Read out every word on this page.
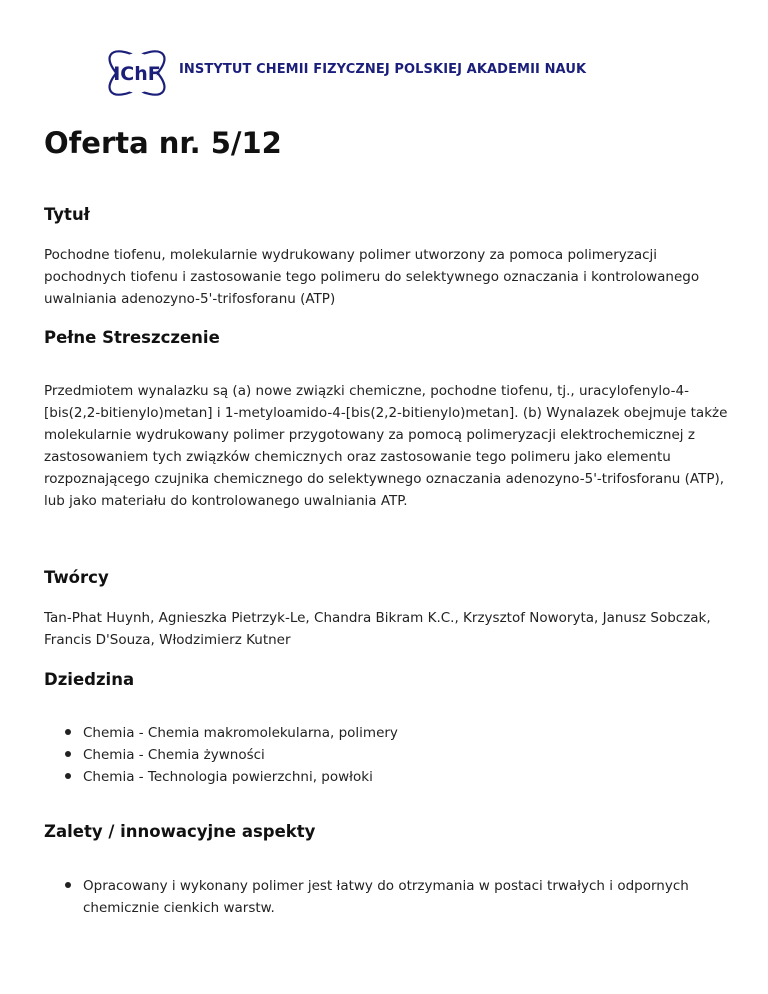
IChF INSTYTUT CHEMII FIZYCZNEJ POLSKIEJ AKADEMII NAUK
Oferta nr. 5/12
Tytuł

Pochodne tiofenu, molekularnie wydrukowany polimer utworzony za pomoca polimeryzacji pochodnych tiofenu i zastosowanie tego polimeru do selektywnego oznaczania i kontrolowanego uwalniania adenozyno-5'-trifosforanu (ATP)

Pełne Streszczenie

Przedmiotem wynalazku są (a) nowe związki chemiczne, pochodne tiofenu, tj., uracylofenylo-4-[bis(2,2-bitienylo)metan] i 1-metyloamido-4-[bis(2,2-bitienylo)metan]. (b) Wynalazek obejmuje także molekularnie wydrukowany polimer przygotowany za pomocą polimeryzacji elektrochemicznej z zastosowaniem tych związków chemicznych oraz zastosowanie tego polimeru jako elementu rozpoznającego czujnika chemicznego do selektywnego oznaczania adenozyno-5'-trifosforanu (ATP), lub jako materiału do kontrolowanego uwalniania ATP.

Twórcy

Tan-Phat Huynh, Agnieszka Pietrzyk-Le, Chandra Bikram K.C., Krzysztof Noworyta, Janusz Sobczak, Francis D'Souza, Włodzimierz Kutner

Dziedzina
Chemia - Chemia makromolekularna, polimery
Chemia - Chemia żywności
Chemia - Technologia powierzchni, powłoki
Zalety / innowacyjne aspekty
Opracowany i wykonany polimer jest łatwy do otrzymania w postaci trwałych i odpornych chemicznie cienkich warstw.
